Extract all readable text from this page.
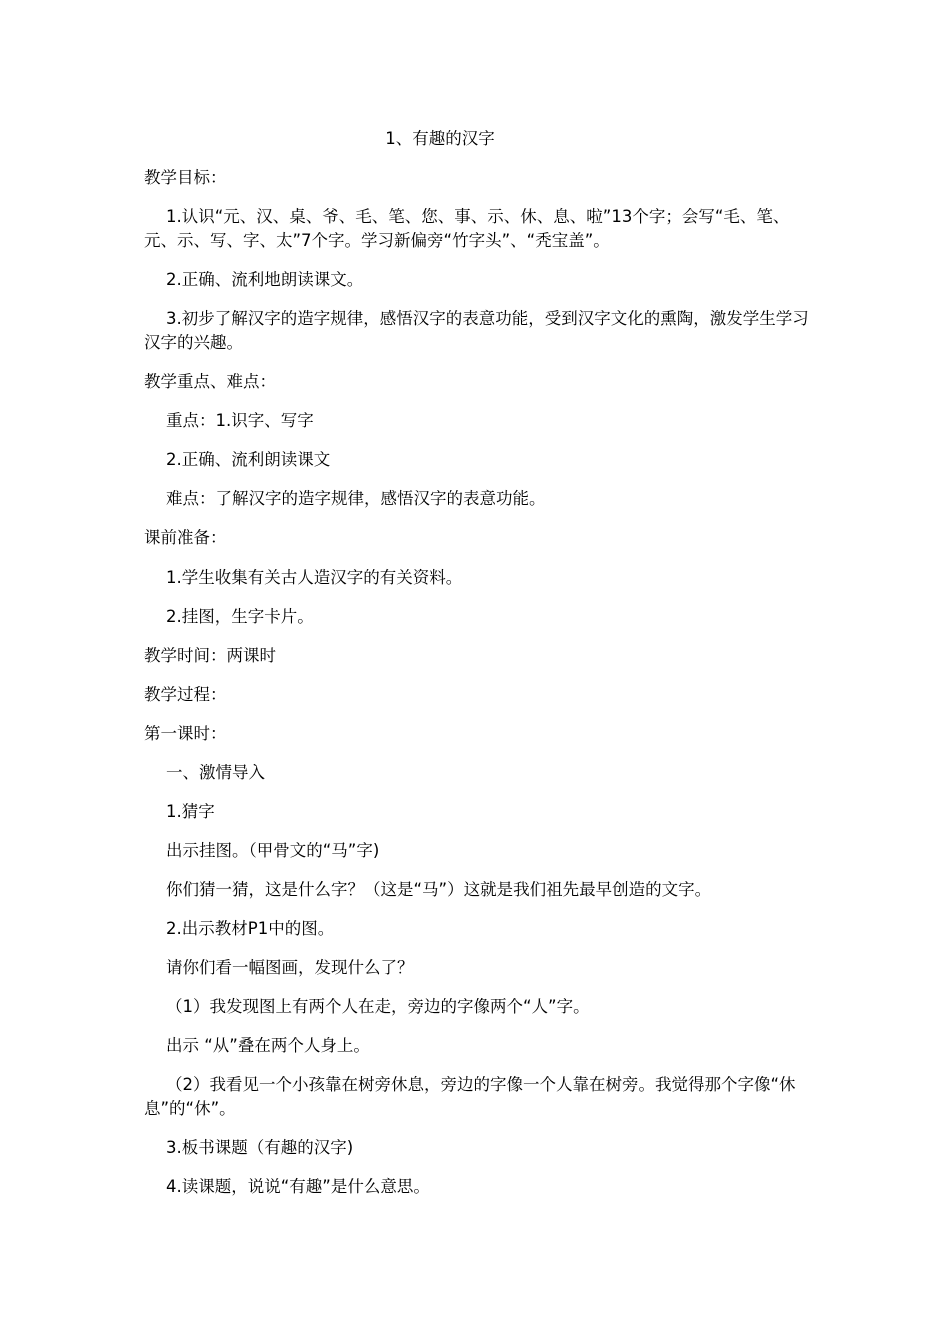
1、有趣的汉字
教学目标：
1.认识“元、汉、桌、爷、毛、笔、您、事、示、休、息、啦”13个字；会写“毛、笔、元、示、写、字、太”7个字。学习新偏旁“竹字头”、“秃宝盖”。
2.正确、流利地朗读课文。
3.初步了解汉字的造字规律，感悟汉字的表意功能，受到汉字文化的熏陶，激发学生学习汉字的兴趣。
教学重点、难点：
重点：1.识字、写字
2.正确、流利朗读课文
难点：了解汉字的造字规律，感悟汉字的表意功能。
课前准备：
1.学生收集有关古人造汉字的有关资料。
2.挂图，生字卡片。
教学时间：两课时
教学过程：
第一课时：
一、激情导入
1.猜字
出示挂图。（甲骨文的“马”字)
你们猜一猜，这是什么字？（这是“马”）这就是我们祖先最早创造的文字。
2.出示教材P1中的图。
请你们看一幅图画，发现什么了？
（1）我发现图上有两个人在走，旁边的字像两个“人”字。
出示 “从”叠在两个人身上。
（2）我看见一个小孩靠在树旁休息，旁边的字像一个人靠在树旁。我觉得那个字像“休息”的“休”。
3.板书课题（有趣的汉字)
4.读课题，说说“有趣”是什么意思。
